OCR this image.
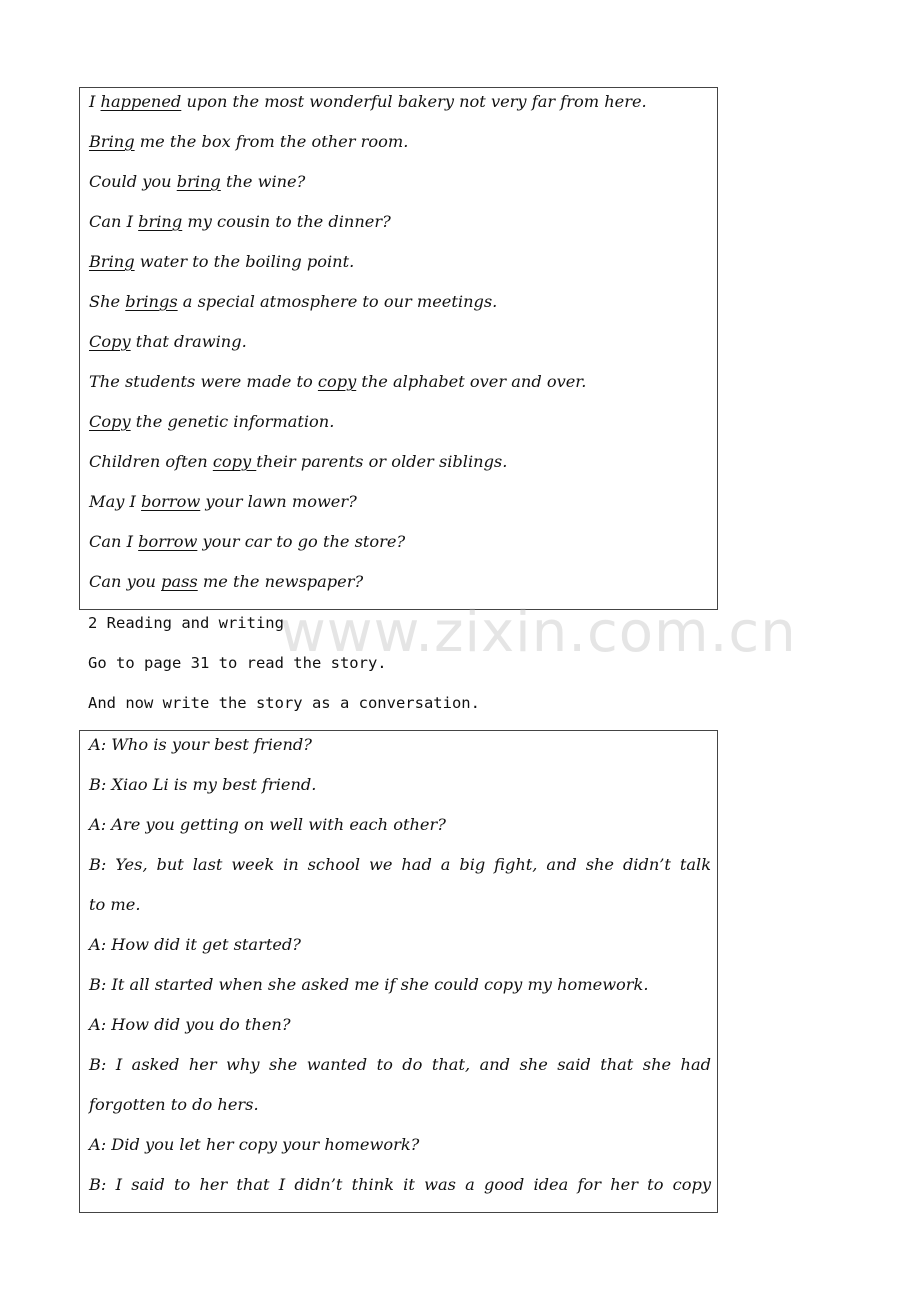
I happened upon the most wonderful bakery not very far from here.
Bring me the box from the other room.
Could you bring the wine?
Can I bring my cousin to the dinner?
Bring water to the boiling point.
She brings a special atmosphere to our meetings.
Copy that drawing.
The students were made to copy the alphabet over and over.
Copy the genetic information.
Children often copy their parents or older siblings.
May I borrow your lawn mower?
Can I borrow your car to go the store?
Can you pass me the newspaper?
2 Reading and writing
Go to page 31 to read the story.
And now write the story as a conversation.
A: Who is your best friend?
B: Xiao Li is my best friend.
A: Are you getting on well with each other?
B: Yes, but last week in school we had a big fight, and she didn’t talk
to me.
A: How did it get started?
B: It all started when she asked me if she could copy my homework.
A: How did you do then?
B: I asked her why she wanted to do that, and she said that she had
forgotten to do hers.
A: Did you let her copy your homework?
B: I said to her that I didn’t think it was a good idea for her to copy
www.zixin.com.cn
